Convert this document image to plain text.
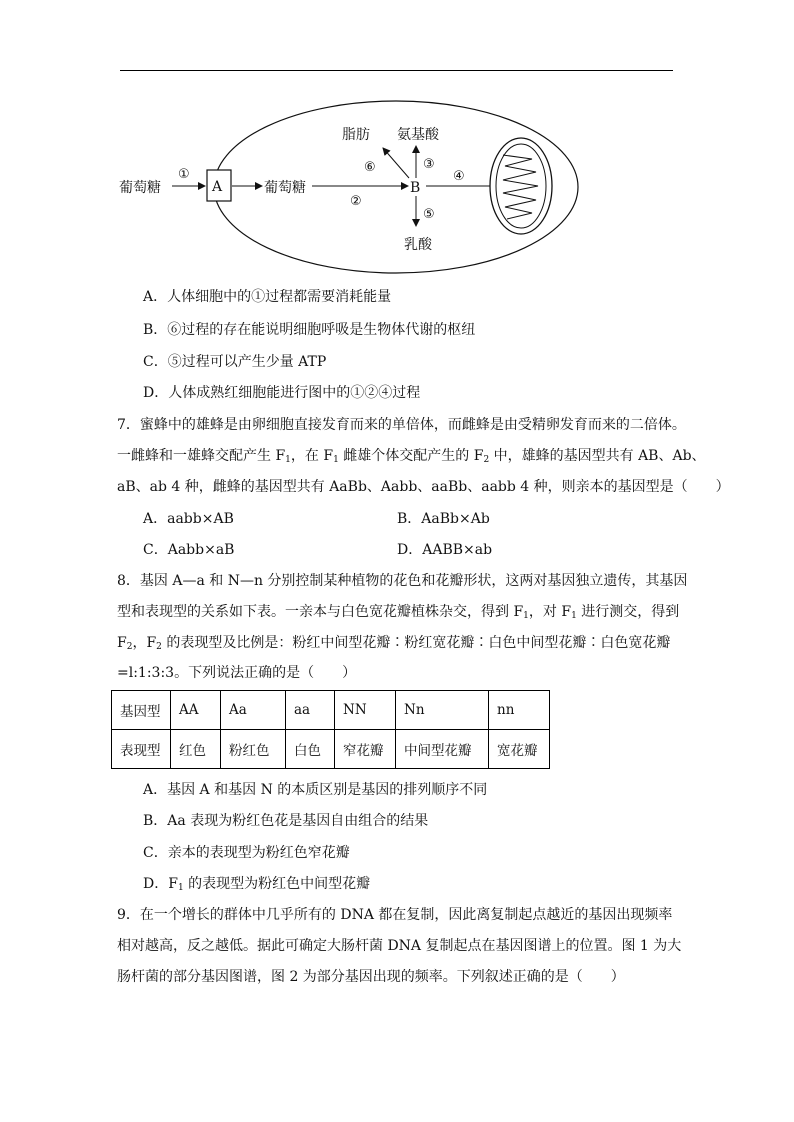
A
葡萄糖
①
葡萄糖
②
B
③
氨基酸
⑥
脂肪
⑤
乳酸
④
A．人体细胞中的①过程都需要消耗能量
B．⑥过程的存在能说明细胞呼吸是生物体代谢的枢纽
C．⑤过程可以产生少量 ATP
D．人体成熟红细胞能进行图中的①②④过程
7．蜜蜂中的雄蜂是由卵细胞直接发育而来的单倍体，而雌蜂是由受精卵发育而来的二倍体。
一雌蜂和一雄蜂交配产生 $F_1$，在 $F_1$ 雌雄个体交配产生的 $F_2$ 中，雄蜂的基因型共有 AB、Ab、
aB、ab 4 种，雌蜂的基因型共有 AaBb、Aabb、aaBb、aabb 4 种，则亲本的基因型是（　　）
A．aabb×AB	B．AaBb×Ab
C．Aabb×aB	D．AABB×ab
8．基因 A—a 和 N—n 分别控制某种植物的花色和花瓣形状，这两对基因独立遗传，其基因
型和表现型的关系如下表。一亲本与白色宽花瓣植株杂交，得到 $F_1$，对 $F_1$ 进行测交，得到
$F_2$，$F_2$ 的表现型及比例是：粉红中间型花瓣∶粉红宽花瓣∶白色中间型花瓣∶白色宽花瓣
=l:1:3:3。下列说法正确的是（　　）
基因型	AA	Aa	aa	NN	Nn	nn
表现型	红色	粉红色	白色	窄花瓣	中间型花瓣	宽花瓣
A．基因 A 和基因 N 的本质区别是基因的排列顺序不同
B．Aa 表现为粉红色花是基因自由组合的结果
C．亲本的表现型为粉红色窄花瓣
D．$F_1$ 的表现型为粉红色中间型花瓣
9．在一个增长的群体中几乎所有的 DNA 都在复制，因此离复制起点越近的基因出现频率
相对越高，反之越低。据此可确定大肠杆菌 DNA 复制起点在基因图谱上的位置。图 1 为大
肠杆菌的部分基因图谱，图 2 为部分基因出现的频率。下列叙述正确的是（　　）
